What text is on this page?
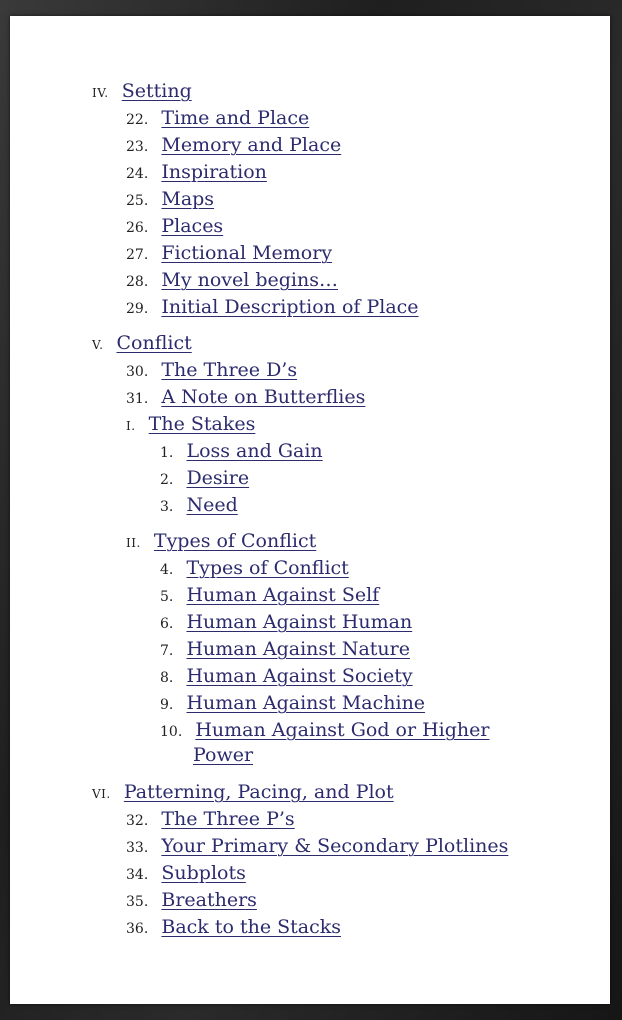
IV. Setting
22. Time and Place
23. Memory and Place
24. Inspiration
25. Maps
26. Places
27. Fictional Memory
28. My novel begins…
29. Initial Description of Place
V. Conflict
30. The Three D’s
31. A Note on Butterflies
I. The Stakes
1. Loss and Gain
2. Desire
3. Need
II. Types of Conflict
4. Types of Conflict
5. Human Against Self
6. Human Against Human
7. Human Against Nature
8. Human Against Society
9. Human Against Machine
10. Human Against God or Higher
Power
VI. Patterning, Pacing, and Plot
32. The Three P’s
33. Your Primary & Secondary Plotlines
34. Subplots
35. Breathers
36. Back to the Stacks
